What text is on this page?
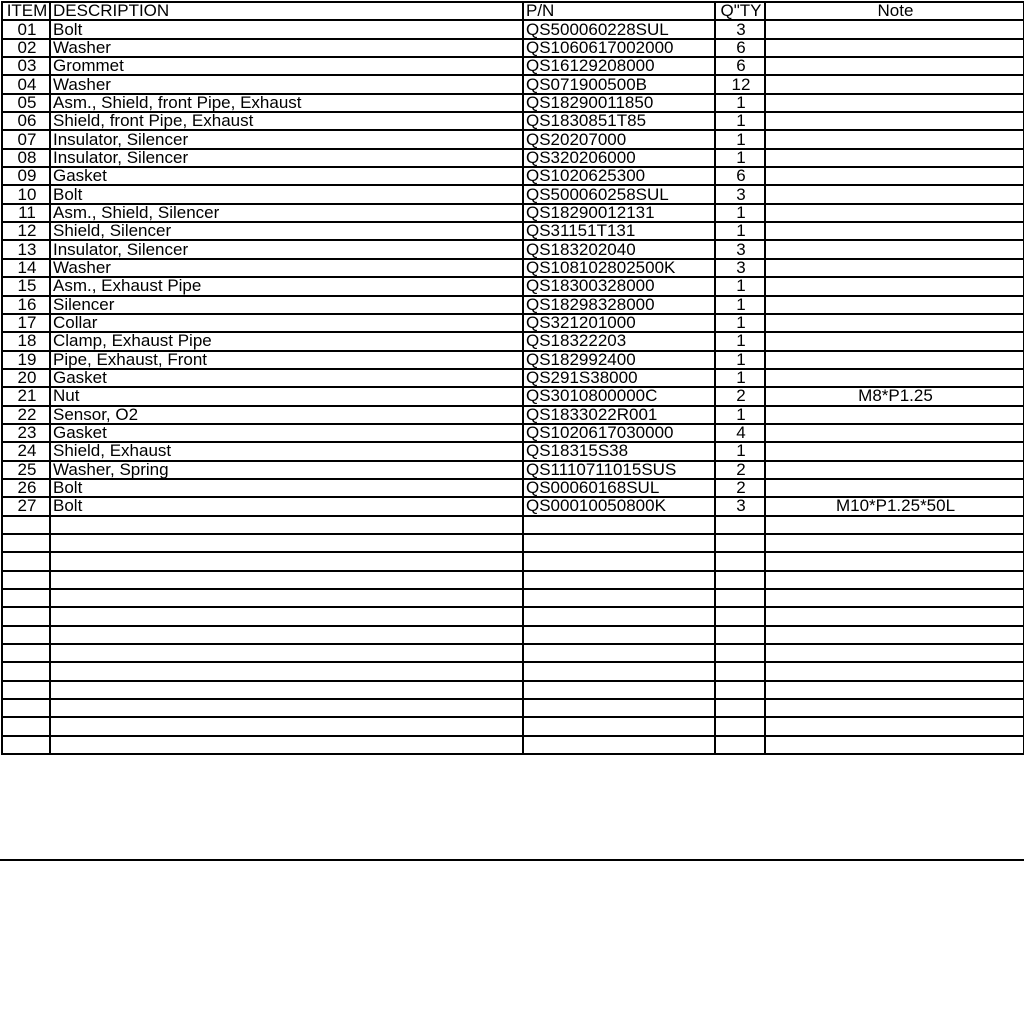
ITEM	DESCRIPTION	P/N	Q"TY	Note
01	Bolt	QS500060228SUL	3	
02	Washer	QS1060617002000	6	
03	Grommet	QS16129208000	6	
04	Washer	QS071900500B	12	
05	Asm., Shield, front Pipe, Exhaust	QS18290011850	1	
06	Shield, front Pipe, Exhaust	QS1830851T85	1	
07	Insulator, Silencer	QS20207000	1	
08	Insulator, Silencer	QS320206000	1	
09	Gasket	QS1020625300	6	
10	Bolt	QS500060258SUL	3	
11	Asm., Shield, Silencer	QS18290012131	1	
12	Shield, Silencer	QS31151T131	1	
13	Insulator, Silencer	QS183202040	3	
14	Washer	QS108102802500K	3	
15	Asm., Exhaust Pipe	QS18300328000	1	
16	Silencer	QS18298328000	1	
17	Collar	QS321201000	1	
18	Clamp, Exhaust Pipe	QS18322203	1	
19	Pipe, Exhaust, Front	QS182992400	1	
20	Gasket	QS291S38000	1	
21	Nut	QS3010800000C	2	M8*P1.25
22	Sensor, O2	QS1833022R001	1	
23	Gasket	QS1020617030000	4	
24	Shield, Exhaust	QS18315S38	1	
25	Washer, Spring	QS1110711015SUS	2	
26	Bolt	QS00060168SUL	2	
27	Bolt	QS00010050800K	3	M10*P1.25*50L
